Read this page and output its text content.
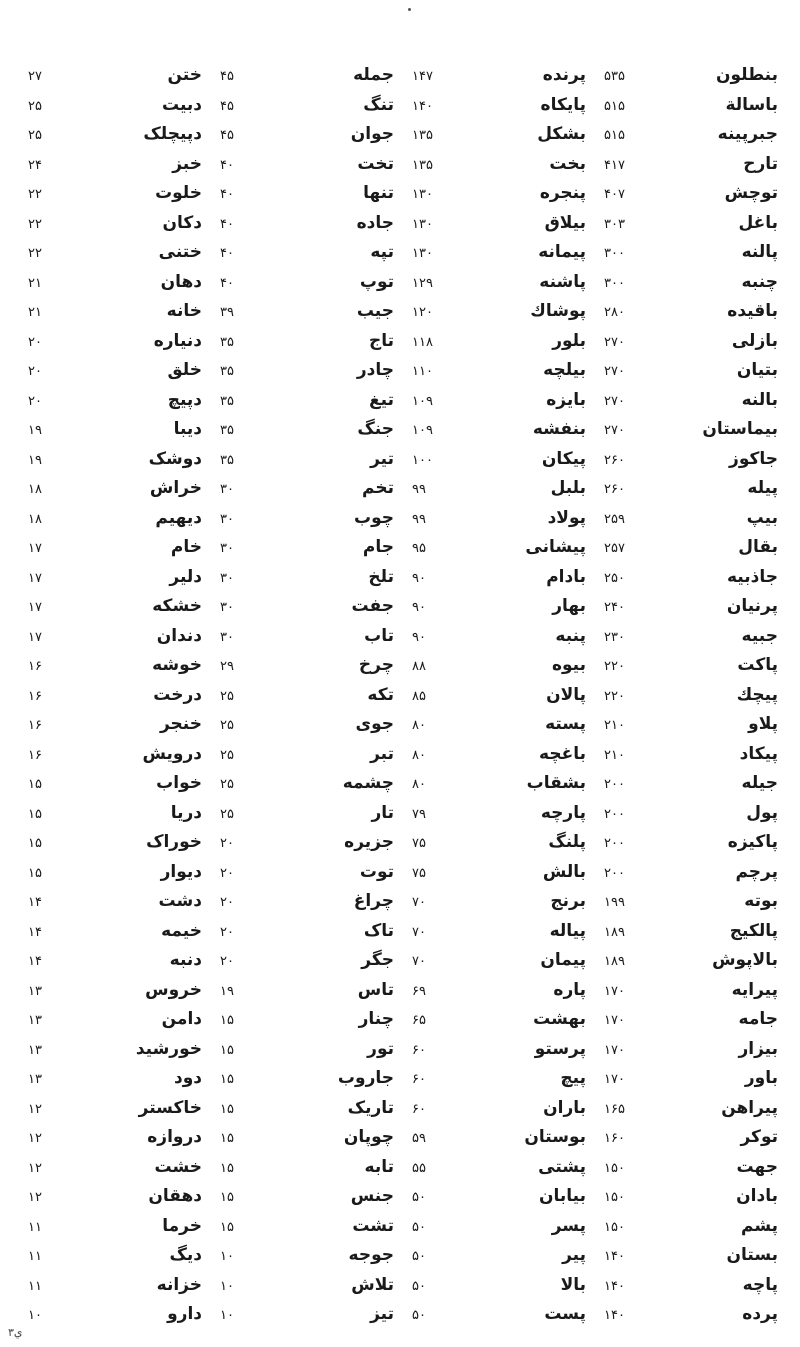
بنطلون
۵۳۵
باسالة
۵۱۵
جبرپینه
۵۱۵
تارح
۴۱۷
توچش
۴۰۷
باغل
۳۰۳
پالنه
۳۰۰
چنبه
۳۰۰
باقیده
۲۸۰
بازلی
۲۷۰
بتیان
۲۷۰
بالنه
۲۷۰
بیماستان
۲۷۰
جاکوز
۲۶۰
پیله
۲۶۰
بیپ
۲۵۹
بقال
۲۵۷
جاذبیه
۲۵۰
پرنیان
۲۴۰
جبیه
۲۳۰
پاکت
۲۲۰
پیچك
۲۲۰
پلاو
۲۱۰
پیکاد
۲۱۰
جیله
۲۰۰
پول
۲۰۰
پاکیزه
۲۰۰
پرچم
۲۰۰
بوته
۱۹۹
پالکیج
۱۸۹
بالاپوش
۱۸۹
پیرایه
۱۷۰
جامه
۱۷۰
بیزار
۱۷۰
باور
۱۷۰
پیراهن
۱۶۵
توکر
۱۶۰
جهت
۱۵۰
بادان
۱۵۰
پشم
۱۵۰
بستان
۱۴۰
پاچه
۱۴۰
پرده
۱۴۰
پرنده
۱۴۷
پایکاه
۱۴۰
بشکل
۱۳۵
بخت
۱۳۵
پنجره
۱۳۰
بیلاق
۱۳۰
پیمانه
۱۳۰
پاشنه
۱۲۹
پوشاك
۱۲۰
بلور
۱۱۸
بیلچه
۱۱۰
بایزه
۱۰۹
بنفشه
۱۰۹
پیکان
۱۰۰
بلبل
۹۹
پولاد
۹۹
پیشانی
۹۵
بادام
۹۰
بهار
۹۰
پنبه
۹۰
بیوه
۸۸
پالان
۸۵
پسته
۸۰
باغچه
۸۰
بشقاب
۸۰
پارچه
۷۹
پلنگ
۷۵
بالش
۷۵
برنج
۷۰
پیاله
۷۰
پیمان
۷۰
پاره
۶۹
بهشت
۶۵
پرستو
۶۰
پیچ
۶۰
باران
۶۰
بوستان
۵۹
پشتی
۵۵
بیابان
۵۰
پسر
۵۰
پیر
۵۰
بالا
۵۰
پست
۵۰
جمله
۴۵
تنگ
۴۵
جوان
۴۵
تخت
۴۰
تنها
۴۰
جاده
۴۰
تپه
۴۰
توپ
۴۰
جیب
۳۹
تاج
۳۵
چادر
۳۵
تیغ
۳۵
جنگ
۳۵
تیر
۳۵
تخم
۳۰
چوب
۳۰
جام
۳۰
تلخ
۳۰
جفت
۳۰
تاب
۳۰
چرخ
۲۹
تکه
۲۵
جوی
۲۵
تبر
۲۵
چشمه
۲۵
تار
۲۵
جزیره
۲۰
توت
۲۰
چراغ
۲۰
تاک
۲۰
جگر
۲۰
تاس
۱۹
چنار
۱۵
تور
۱۵
جاروب
۱۵
تاریک
۱۵
چوپان
۱۵
تابه
۱۵
جنس
۱۵
تشت
۱۵
جوجه
۱۰
تلاش
۱۰
تیز
۱۰
ختن
۲۷
دبیت
۲۵
دپیچلک
۲۵
خبز
۲۴
خلوت
۲۲
دکان
۲۲
ختنی
۲۲
دهان
۲۱
خانه
۲۱
دنیاره
۲۰
خلق
۲۰
دپیچ
۲۰
دیبا
۱۹
دوشک
۱۹
خراش
۱۸
دیهیم
۱۸
خام
۱۷
دلیر
۱۷
خشکه
۱۷
دندان
۱۷
خوشه
۱۶
درخت
۱۶
خنجر
۱۶
درویش
۱۶
خواب
۱۵
دریا
۱۵
خوراک
۱۵
دیوار
۱۵
دشت
۱۴
خیمه
۱۴
دنبه
۱۴
خروس
۱۳
دامن
۱۳
خورشید
۱۳
دود
۱۳
خاکستر
۱۲
دروازه
۱۲
خشت
۱۲
دهقان
۱۲
خرما
۱۱
دیگ
۱۱
خزانه
۱۱
دارو
۱۰
ي٣
